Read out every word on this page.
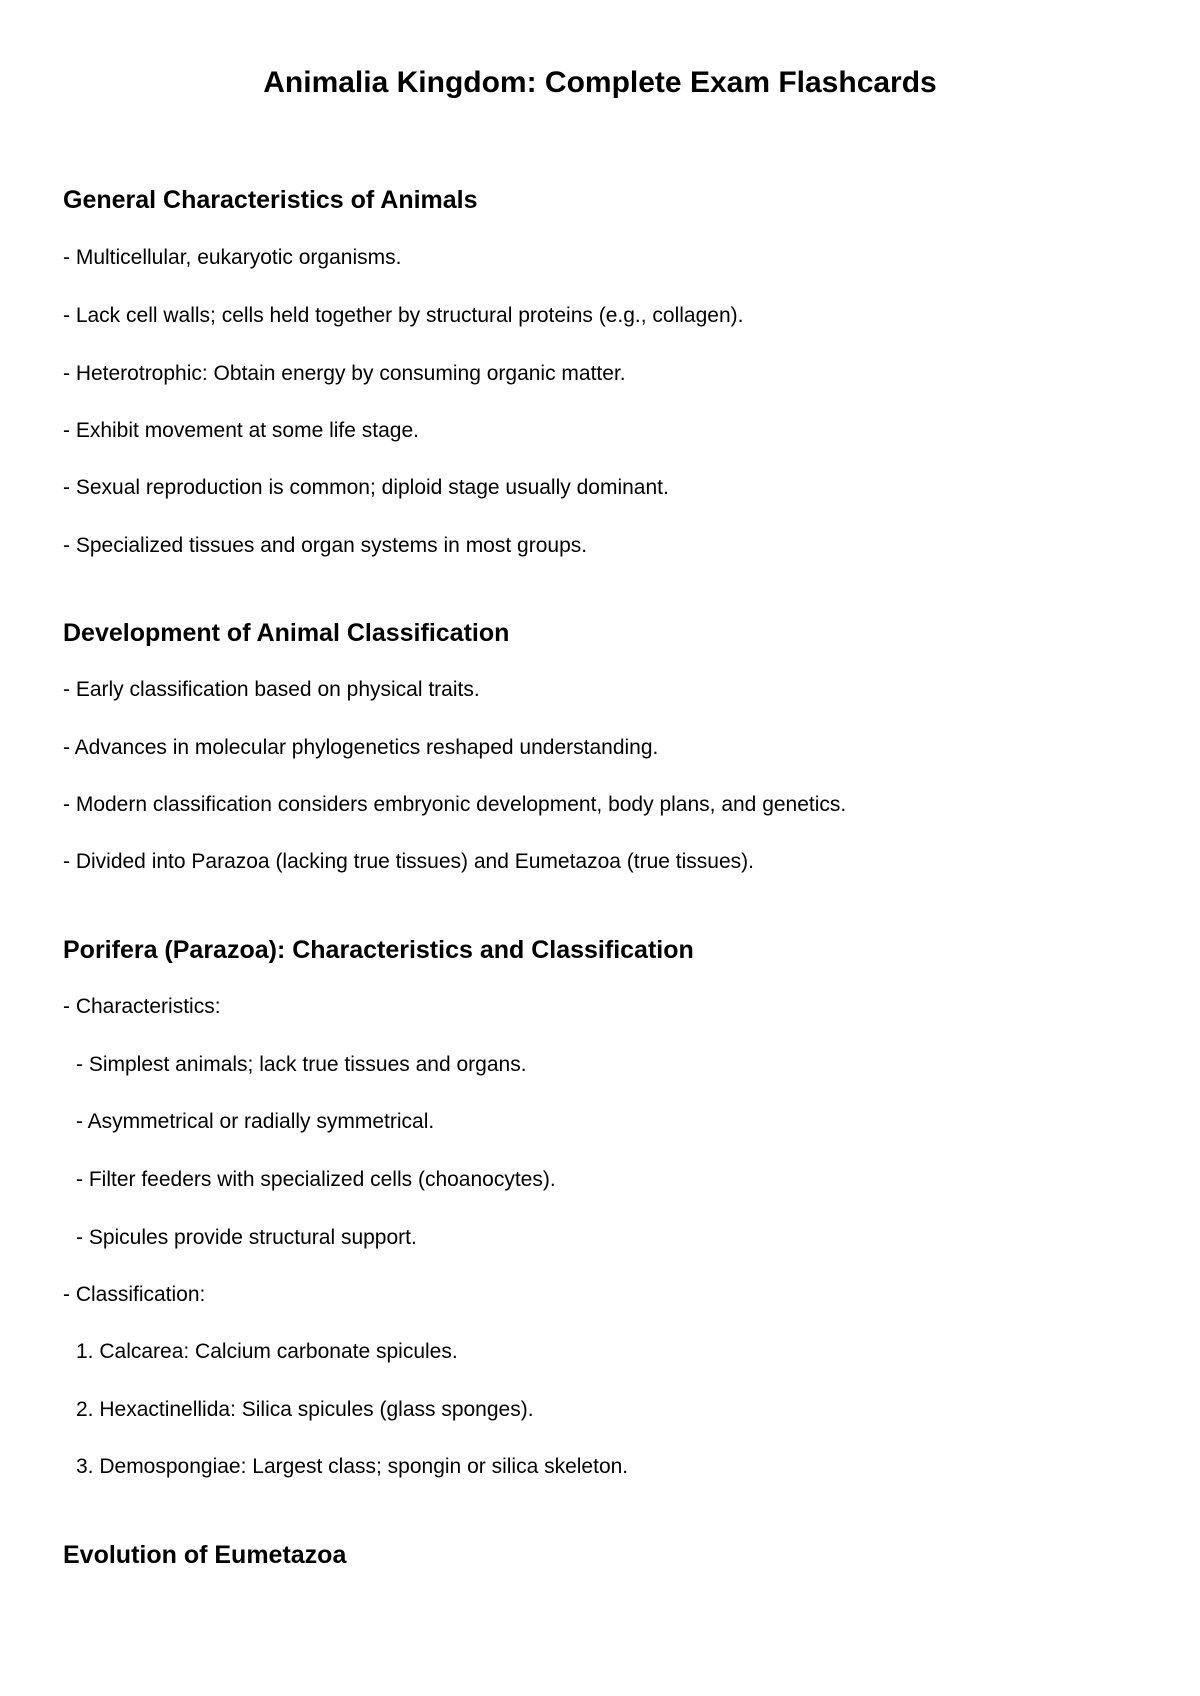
Animalia Kingdom: Complete Exam Flashcards
General Characteristics of Animals

- Multicellular, eukaryotic organisms.

- Lack cell walls; cells held together by structural proteins (e.g., collagen).

- Heterotrophic: Obtain energy by consuming organic matter.

- Exhibit movement at some life stage.

- Sexual reproduction is common; diploid stage usually dominant.

- Specialized tissues and organ systems in most groups.

Development of Animal Classification

- Early classification based on physical traits.

- Advances in molecular phylogenetics reshaped understanding.

- Modern classification considers embryonic development, body plans, and genetics.

- Divided into Parazoa (lacking true tissues) and Eumetazoa (true tissues).

Porifera (Parazoa): Characteristics and Classification

- Characteristics:

- Simplest animals; lack true tissues and organs.

- Asymmetrical or radially symmetrical.

- Filter feeders with specialized cells (choanocytes).

- Spicules provide structural support.

- Classification:

1. Calcarea: Calcium carbonate spicules.

2. Hexactinellida: Silica spicules (glass sponges).

3. Demospongiae: Largest class; spongin or silica skeleton.

Evolution of Eumetazoa
